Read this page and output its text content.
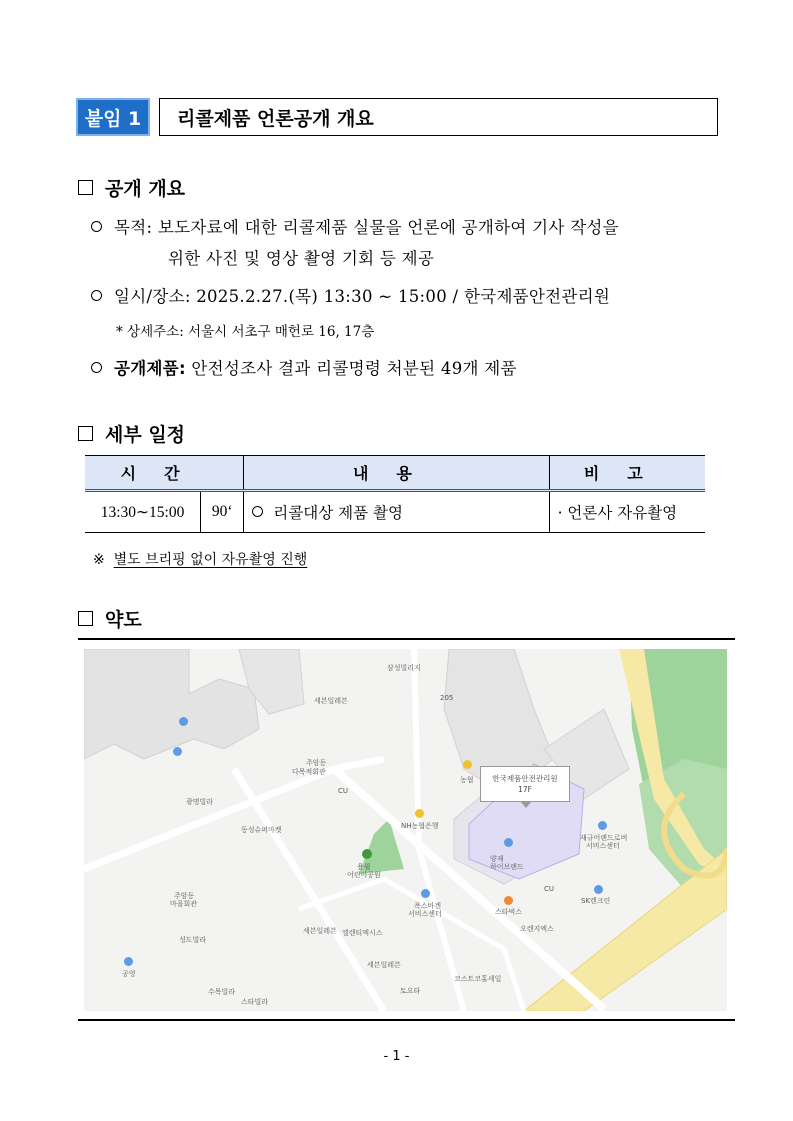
붙임 1	리콜제품 언론공개 개요
공개 개요
목적: 보도자료에 대한 리콜제품 실물을 언론에 공개하여 기사 작성을
위한 사진 및 영상 촬영 기회 등 제공
일시/장소: 2025.2.27.(목) 13:30 ~ 15:00 / 한국제품안전관리원
* 상세주소: 서울시 서초구 매헌로 16, 17층
공개제품: 안전성조사 결과 리콜명령 처분된 49개 제품
세부 일정
시간		내용	비고
13:30∼15:00	90‘	리콜대상 제품 촬영	· 언론사 자유촬영
※ 별도 브리핑 없이 자유촬영 진행
약도
삼성빌리지
205
세븐일레븐
주암동
다목적회관
CU
농협
NH농협은행
광명빌라
동성슈퍼마켓
용월
어린이공원
주암동
마을회관
성도빌라
세븐일레븐 엘렌티엑시스
세븐일레븐
폭스바겐
서비스센터	스타벅스
양재
하이브랜드
CU
SK렌크린
재규어랜드로버
서비스센터
오렌지엑스
코스트코홀세일
토요타
수목빌라
스타빌라
공영
한국제품안전관리원
17F
- 1 -
